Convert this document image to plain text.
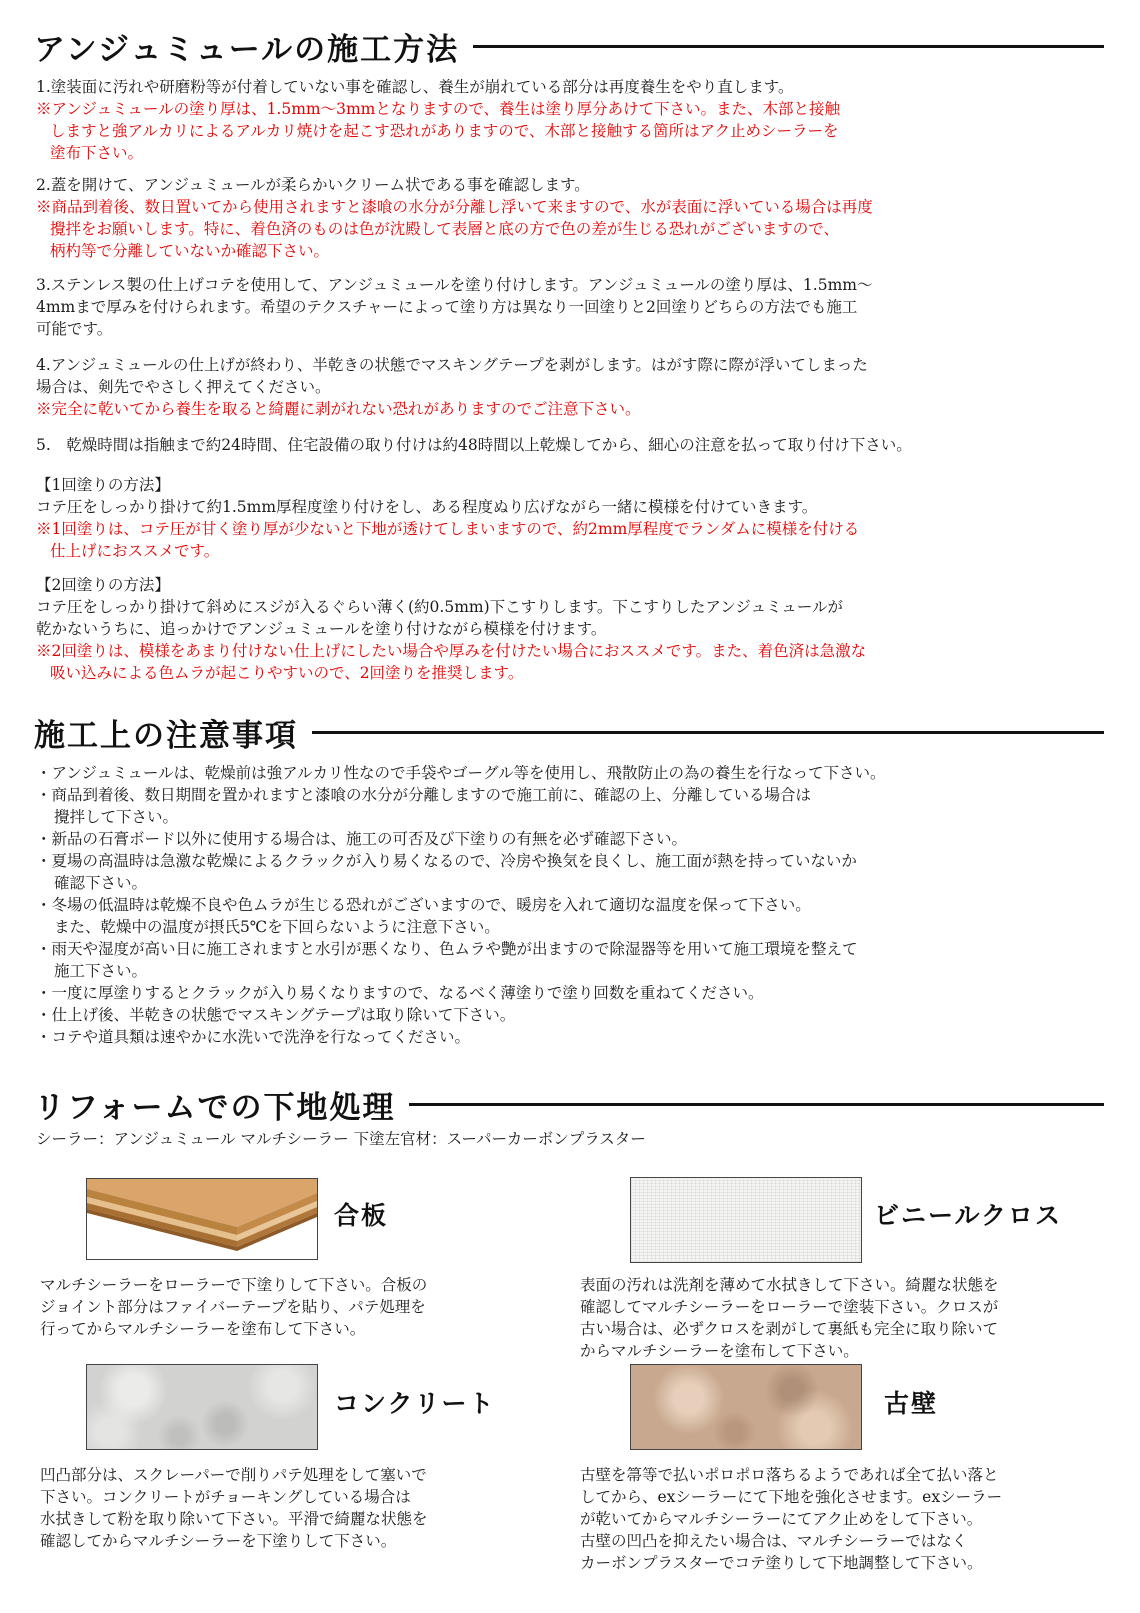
アンジュミュールの施工方法
1.塗装面に汚れや研磨粉等が付着していない事を確認し、養生が崩れている部分は再度養生をやり直します。
※アンジュミュールの塗り厚は、1.5mm〜3mmとなりますので、養生は塗り厚分あけて下さい。また、木部と接触
しますと強アルカリによるアルカリ焼けを起こす恐れがありますので、木部と接触する箇所はアク止めシーラーを
塗布下さい。
2.蓋を開けて、アンジュミュールが柔らかいクリーム状である事を確認します。
※商品到着後、数日置いてから使用されますと漆喰の水分が分離し浮いて来ますので、水が表面に浮いている場合は再度
攪拌をお願いします。特に、着色済のものは色が沈殿して表層と底の方で色の差が生じる恐れがございますので、
柄杓等で分離していないか確認下さい。
3.ステンレス製の仕上げコテを使用して、アンジュミュールを塗り付けします。アンジュミュールの塗り厚は、1.5mm〜
4mmまで厚みを付けられます。希望のテクスチャーによって塗り方は異なり一回塗りと2回塗りどちらの方法でも施工
可能です。
4.アンジュミュールの仕上げが終わり、半乾きの状態でマスキングテープを剥がします。はがす際に際が浮いてしまった
場合は、剣先でやさしく押えてください。
※完全に乾いてから養生を取ると綺麗に剥がれない恐れがありますのでご注意下さい。
5.　乾燥時間は指触まで約24時間、住宅設備の取り付けは約48時間以上乾燥してから、細心の注意を払って取り付け下さい。
【1回塗りの方法】
コテ圧をしっかり掛けて約1.5mm厚程度塗り付けをし、ある程度ぬり広げながら一緒に模様を付けていきます。
※1回塗りは、コテ圧が甘く塗り厚が少ないと下地が透けてしまいますので、約2mm厚程度でランダムに模様を付ける
仕上げにおススメです。
【2回塗りの方法】
コテ圧をしっかり掛けて斜めにスジが入るぐらい薄く(約0.5mm)下こすりします。下こすりしたアンジュミュールが
乾かないうちに、追っかけでアンジュミュールを塗り付けながら模様を付けます。
※2回塗りは、模様をあまり付けない仕上げにしたい場合や厚みを付けたい場合におススメです。また、着色済は急激な
吸い込みによる色ムラが起こりやすいので、2回塗りを推奨します。
施工上の注意事項
・アンジュミュールは、乾燥前は強アルカリ性なので手袋やゴーグル等を使用し、飛散防止の為の養生を行なって下さい。
・商品到着後、数日期間を置かれますと漆喰の水分が分離しますので施工前に、確認の上、分離している場合は
攪拌して下さい。
・新品の石膏ボード以外に使用する場合は、施工の可否及び下塗りの有無を必ず確認下さい。
・夏場の高温時は急激な乾燥によるクラックが入り易くなるので、冷房や換気を良くし、施工面が熱を持っていないか
確認下さい。
・冬場の低温時は乾燥不良や色ムラが生じる恐れがございますので、暖房を入れて適切な温度を保って下さい。
また、乾燥中の温度が摂氏5℃を下回らないように注意下さい。
・雨天や湿度が高い日に施工されますと水引が悪くなり、色ムラや艶が出ますので除湿器等を用いて施工環境を整えて
施工下さい。
・一度に厚塗りするとクラックが入り易くなりますので、なるべく薄塗りで塗り回数を重ねてください。
・仕上げ後、半乾きの状態でマスキングテープは取り除いて下さい。
・コテや道具類は速やかに水洗いで洗浄を行なってください。
リフォームでの下地処理
シーラー：アンジュミュール マルチシーラー 下塗左官材：スーパーカーボンプラスター
合板
マルチシーラーをローラーで下塗りして下さい。合板の
ジョイント部分はファイバーテープを貼り、パテ処理を
行ってからマルチシーラーを塗布して下さい。
ビニールクロス
表面の汚れは洗剤を薄めて水拭きして下さい。綺麗な状態を
確認してマルチシーラーをローラーで塗装下さい。クロスが
古い場合は、必ずクロスを剥がして裏紙も完全に取り除いて
からマルチシーラーを塗布して下さい。
コンクリート
凹凸部分は、スクレーパーで削りパテ処理をして塞いで
下さい。コンクリートがチョーキングしている場合は
水拭きして粉を取り除いて下さい。平滑で綺麗な状態を
確認してからマルチシーラーを下塗りして下さい。
古壁
古壁を箒等で払いポロポロ落ちるようであれば全て払い落と
してから、exシーラーにて下地を強化させます。exシーラー
が乾いてからマルチシーラーにてアク止めをして下さい。
古壁の凹凸を抑えたい場合は、マルチシーラーではなく
カーボンプラスターでコテ塗りして下地調整して下さい。
